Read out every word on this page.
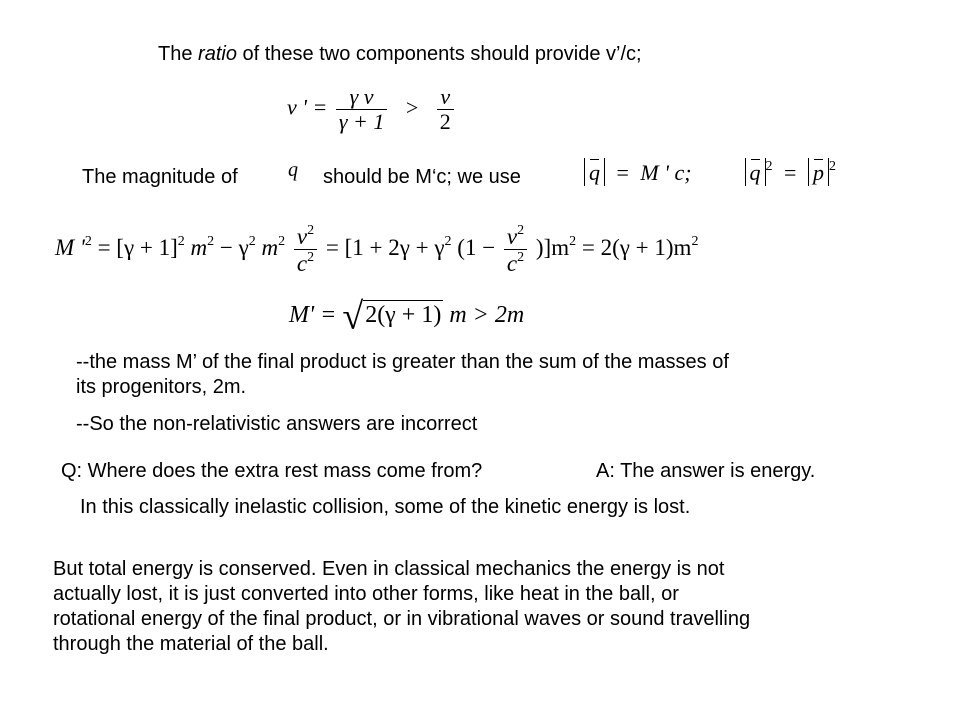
The ratio of these two components should provide v’/c;
v ' = $\frac{\text{γ v}}{\gamma + 1} > \frac{v}{2}$
The magnitude of	q should be M‘c; we use	q = M ' c;	q $^2$ = p $^2$
M '$^2 = [\gamma + 1]^2$ $m^2 - \gamma^2$ $m^2 \frac{v^2}{c^2} = [1 + 2\gamma + \gamma^2$ $(1 - \frac{v^2}{c^2} )]m^2 = 2(\gamma + 1)m^2$
M' = √2(γ + 1) m > 2m
--the mass M’ of the final product is greater than the sum of the masses of
its progenitors, 2m.
--So the non-relativistic answers are incorrect
Q: Where does the extra rest mass come from?	A: The answer is energy.
In this classically inelastic collision, some of the kinetic energy is lost.
But total energy is conserved. Even in classical mechanics the energy is not
actually lost, it is just converted into other forms, like heat in the ball, or
rotational energy of the final product, or in vibrational waves or sound travelling
through the material of the ball.
